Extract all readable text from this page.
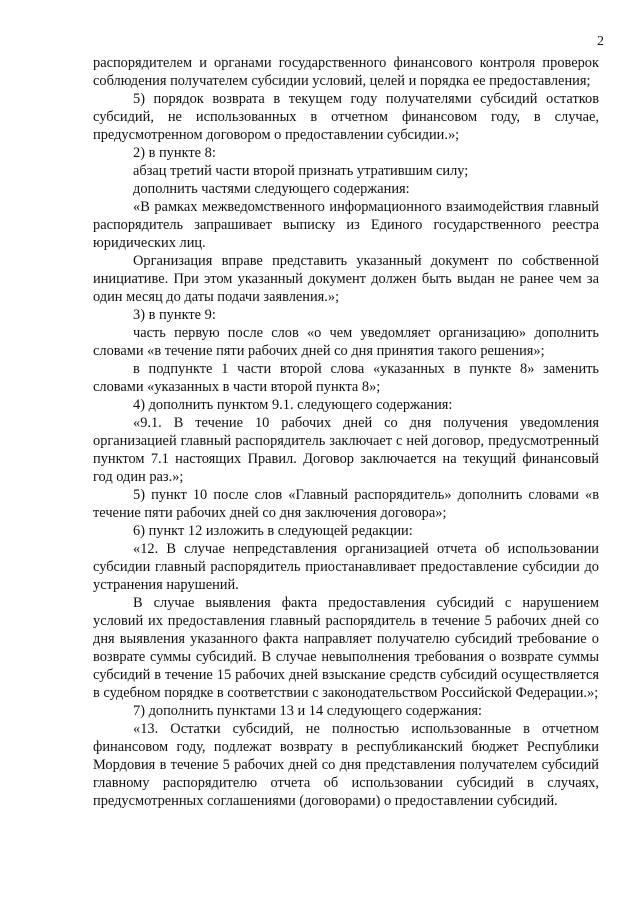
2

распорядителем и органами государственного финансового контроля проверок соблюдения получателем субсидии условий, целей и порядка ее предоставления;

5) порядок возврата в текущем году получателями субсидий остатков субсидий, не использованных в отчетном финансовом году, в случае, предусмотренном договором о предоставлении субсидии.»;

2) в пункте 8:

абзац третий части второй признать утратившим силу;

дополнить частями следующего содержания:

«В рамках межведомственного информационного взаимодействия главный распорядитель запрашивает выписку из Единого государственного реестра юридических лиц.

Организация вправе представить указанный документ по собственной инициативе. При этом указанный документ должен быть выдан не ранее чем за один месяц до даты подачи заявления.»;

3) в пункте 9:

часть первую после слов «о чем уведомляет организацию» дополнить словами «в течение пяти рабочих дней со дня принятия такого решения»;

в подпункте 1 части второй слова «указанных в пункте 8» заменить словами «указанных в части второй пункта 8»;

4) дополнить пунктом 9.1. следующего содержания:

«9.1. В течение 10 рабочих дней со дня получения уведомления организацией главный распорядитель заключает с ней договор, предусмотренный пунктом 7.1 настоящих Правил. Договор заключается на текущий финансовый год один раз.»;

5) пункт 10 после слов «Главный распорядитель» дополнить словами «в течение пяти рабочих дней со дня заключения договора»;

6) пункт 12 изложить в следующей редакции:

«12. В случае непредставления организацией отчета об использовании субсидии главный распорядитель приостанавливает предоставление субсидии до устранения нарушений.

В случае выявления факта предоставления субсидий с нарушением условий их предоставления главный распорядитель в течение 5 рабочих дней со дня выявления указанного факта направляет получателю субсидий требование о возврате суммы субсидий. В случае невыполнения требования о возврате суммы субсидий в течение 15 рабочих дней взыскание средств субсидий осуществляется в судебном порядке в соответствии с законодательством Российской Федерации.»;

7) дополнить пунктами 13 и 14 следующего содержания:

«13. Остатки субсидий, не полностью использованные в отчетном финансовом году, подлежат возврату в республиканский бюджет Республики Мордовия в течение 5 рабочих дней со дня представления получателем субсидий главному распорядителю отчета об использовании субсидий в случаях, предусмотренных соглашениями (договорами) о предоставлении субсидий.
